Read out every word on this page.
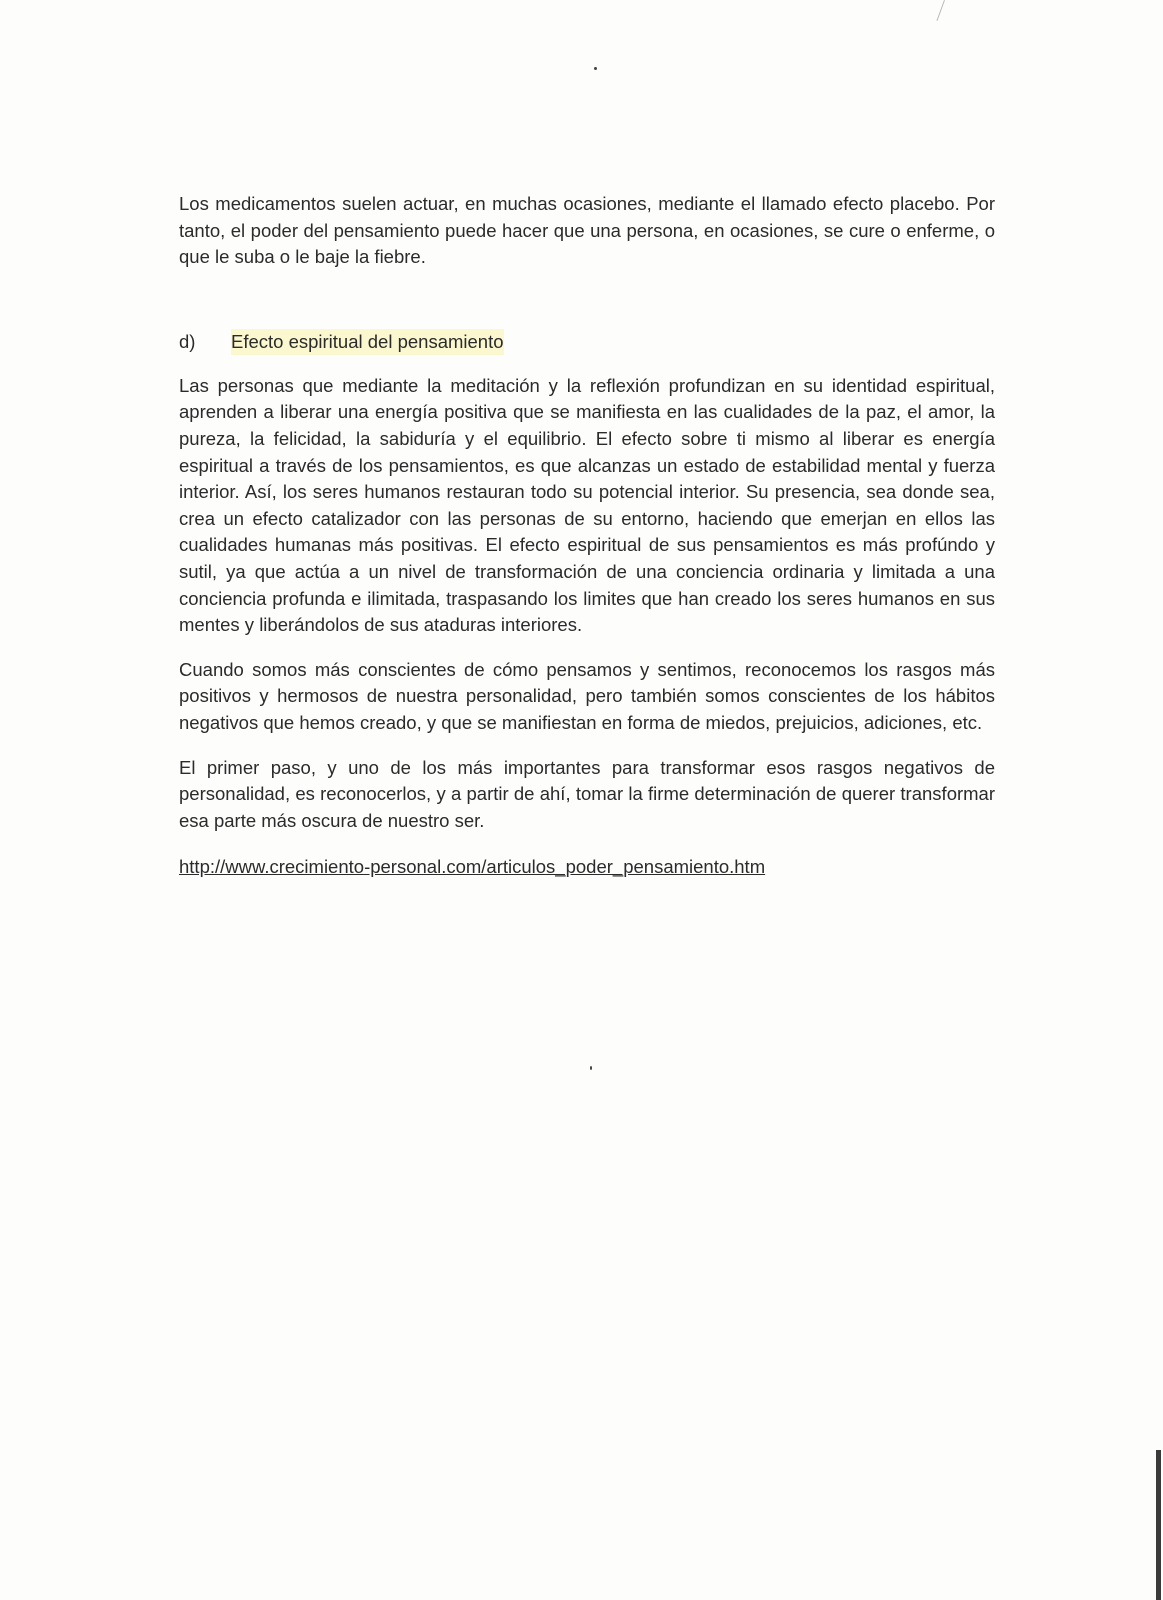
Los medicamentos suelen actuar, en muchas ocasiones, mediante el llamado efecto placebo. Por tanto, el poder del pensamiento puede hacer que una persona, en ocasiones, se cure o enferme, o que le suba o le baje la fiebre.

d)	Efecto espiritual del pensamiento

Las personas que mediante la meditación y la reflexión profundizan en su identidad espiritual, aprenden a liberar una energía positiva que se manifiesta en las cualidades de la paz, el amor, la pureza, la felicidad, la sabiduría y el equilibrio. El efecto sobre ti mismo al liberar es energía espiritual a través de los pensamientos, es que alcanzas un estado de estabilidad mental y fuerza interior. Así, los seres humanos restauran todo su potencial interior. Su presencia, sea donde sea, crea un efecto catalizador con las personas de su entorno, haciendo que emerjan en ellos las cualidades humanas más positivas. El efecto espiritual de sus pensamientos es más profúndo y sutil, ya que actúa a un nivel de transformación de una conciencia ordinaria y limitada a una conciencia profunda e ilimitada, traspasando los limites que han creado los seres humanos en sus mentes y liberándolos de sus ataduras interiores.

Cuando somos más conscientes de cómo pensamos y sentimos, reconocemos los rasgos más positivos y hermosos de nuestra personalidad, pero también somos conscientes de los hábitos negativos que hemos creado, y que se manifiestan en forma de miedos, prejuicios, adiciones, etc.

El primer paso, y uno de los más importantes para transformar esos rasgos negativos de personalidad, es reconocerlos, y a partir de ahí, tomar la firme determinación de querer transformar esa parte más oscura de nuestro ser.

http://www.crecimiento-personal.com/articulos_poder_pensamiento.htm
